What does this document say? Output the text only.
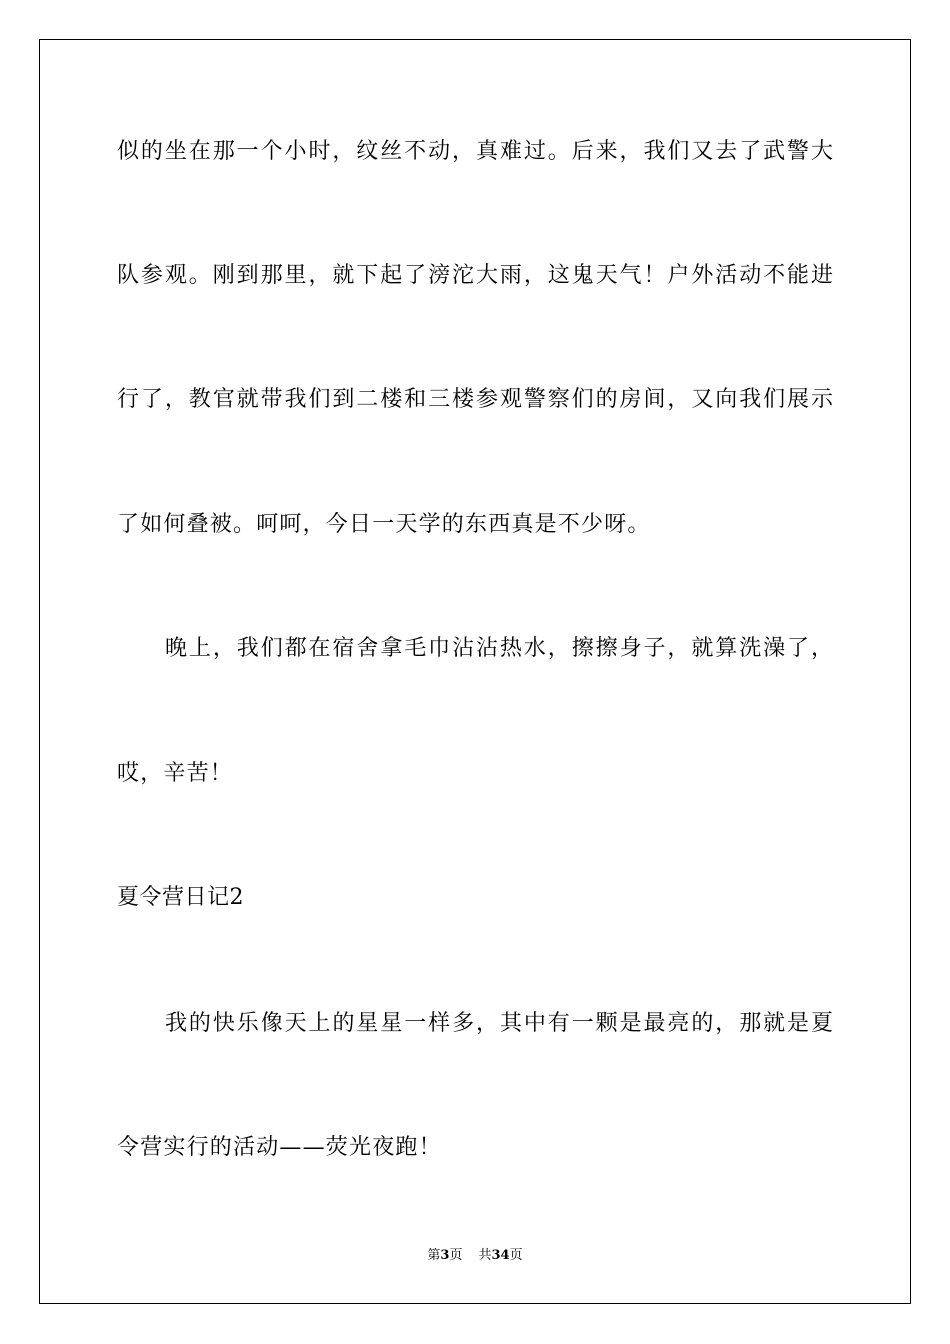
似的坐在那一个小时，纹丝不动，真难过。后来，我们又去了武警大
队参观。刚到那里，就下起了滂沱大雨，这鬼天气！户外活动不能进
行了，教官就带我们到二楼和三楼参观警察们的房间，又向我们展示
了如何叠被。呵呵，今日一天学的东西真是不少呀。
晚上，我们都在宿舍拿毛巾沾沾热水，擦擦身子，就算洗澡了，
哎，辛苦！
夏令营日记2
我的快乐像天上的星星一样多，其中有一颗是最亮的，那就是夏
令营实行的活动——荧光夜跑！
第3页 共34页
